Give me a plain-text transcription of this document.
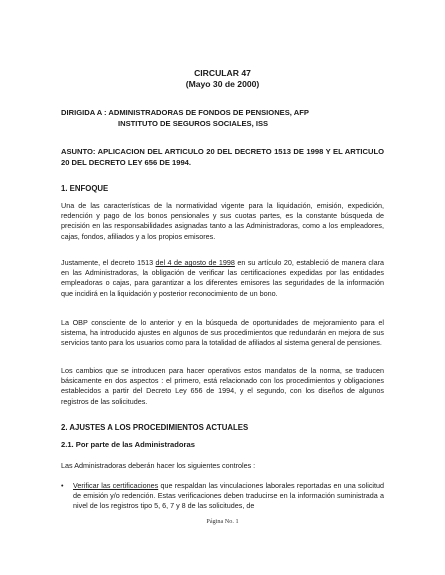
CIRCULAR 47
(Mayo 30 de 2000)
DIRIGIDA A : ADMINISTRADORAS DE FONDOS DE PENSIONES, AFP
INSTITUTO DE SEGUROS SOCIALES, ISS
ASUNTO: APLICACION DEL ARTICULO 20 DEL DECRETO 1513 DE 1998 Y EL ARTICULO 20 DEL DECRETO LEY 656 DE 1994.
1. ENFOQUE
Una de las características de la normatividad vigente para la liquidación, emisión, expedición, redención y pago de los bonos pensionales y sus cuotas partes, es la constante búsqueda de precisión en las responsabilidades asignadas tanto a las Administradoras, como a los empleadores, cajas, fondos, afiliados y a los propios emisores.
Justamente, el decreto 1513 del 4 de agosto de 1998 en su artículo 20, estableció de manera clara en las Administradoras, la obligación de verificar las certificaciones expedidas por las entidades empleadoras o cajas, para garantizar a los diferentes emisores las seguridades de la información que incidirá en la liquidación y posterior reconocimiento de un bono.
La OBP consciente de lo anterior y en la búsqueda de oportunidades de mejoramiento para el sistema, ha introducido ajustes en algunos de sus procedimientos que redundarán en mejora de sus servicios tanto para los usuarios como para la totalidad de afiliados al sistema general de pensiones.
Los cambios que se introducen para hacer operativos estos mandatos de la norma, se traducen básicamente en dos aspectos : el primero, está relacionado con los procedimientos y obligaciones establecidos a partir del Decreto Ley 656 de 1994, y el segundo, con los diseños de algunos registros de las solicitudes.
2. AJUSTES A LOS PROCEDIMIENTOS ACTUALES
2.1. Por parte de las Administradoras
Las Administradoras deberán hacer los siguientes controles :
•	Verificar las certificaciones que respaldan las vinculaciones laborales reportadas en una solicitud de emisión y/o redención. Estas verificaciones deben traducirse en la información suministrada a nivel de los registros tipo 5, 6, 7 y 8 de las solicitudes, de
Página No. 1
